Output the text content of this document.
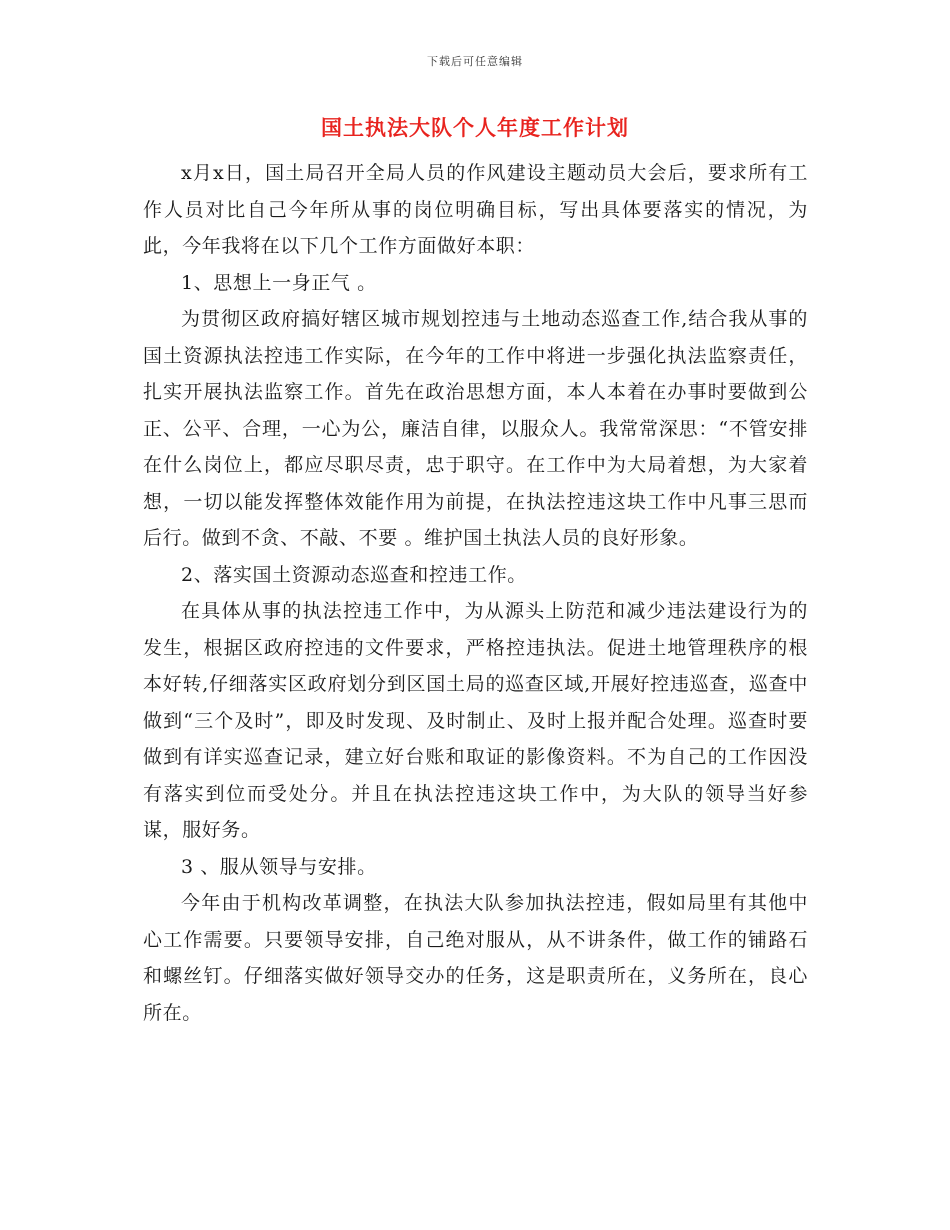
下载后可任意编辑
国土执法大队个人年度工作计划

x月x日，国土局召开全局人员的作风建设主题动员大会后，要求所有工作人员对比自己今年所从事的岗位明确目标，写出具体要落实的情况，为此，今年我将在以下几个工作方面做好本职：

1、思想上一身正气 。

为贯彻区政府搞好辖区城市规划控违与土地动态巡查工作,结合我从事的国土资源执法控违工作实际，在今年的工作中将进一步强化执法监察责任，扎实开展执法监察工作。首先在政治思想方面，本人本着在办事时要做到公正、公平、合理，一心为公，廉洁自律，以服众人。我常常深思：“不管安排在什么岗位上，都应尽职尽责，忠于职守。在工作中为大局着想，为大家着想，一切以能发挥整体效能作用为前提，在执法控违这块工作中凡事三思而后行。做到不贪、不敲、不要 。维护国土执法人员的良好形象。

2、落实国土资源动态巡查和控违工作。

在具体从事的执法控违工作中，为从源头上防范和减少违法建设行为的发生，根据区政府控违的文件要求，严格控违执法。促进土地管理秩序的根本好转,仔细落实区政府划分到区国土局的巡查区域,开展好控违巡查，巡查中做到“三个及时”，即及时发现、及时制止、及时上报并配合处理。巡查时要做到有详实巡查记录，建立好台账和取证的影像资料。不为自己的工作因没有落实到位而受处分。并且在执法控违这块工作中，为大队的领导当好参谋，服好务。

3 、服从领导与安排。

今年由于机构改革调整，在执法大队参加执法控违，假如局里有其他中心工作需要。只要领导安排，自己绝对服从，从不讲条件，做工作的铺路石和螺丝钉。仔细落实做好领导交办的任务，这是职责所在，义务所在，良心所在。
